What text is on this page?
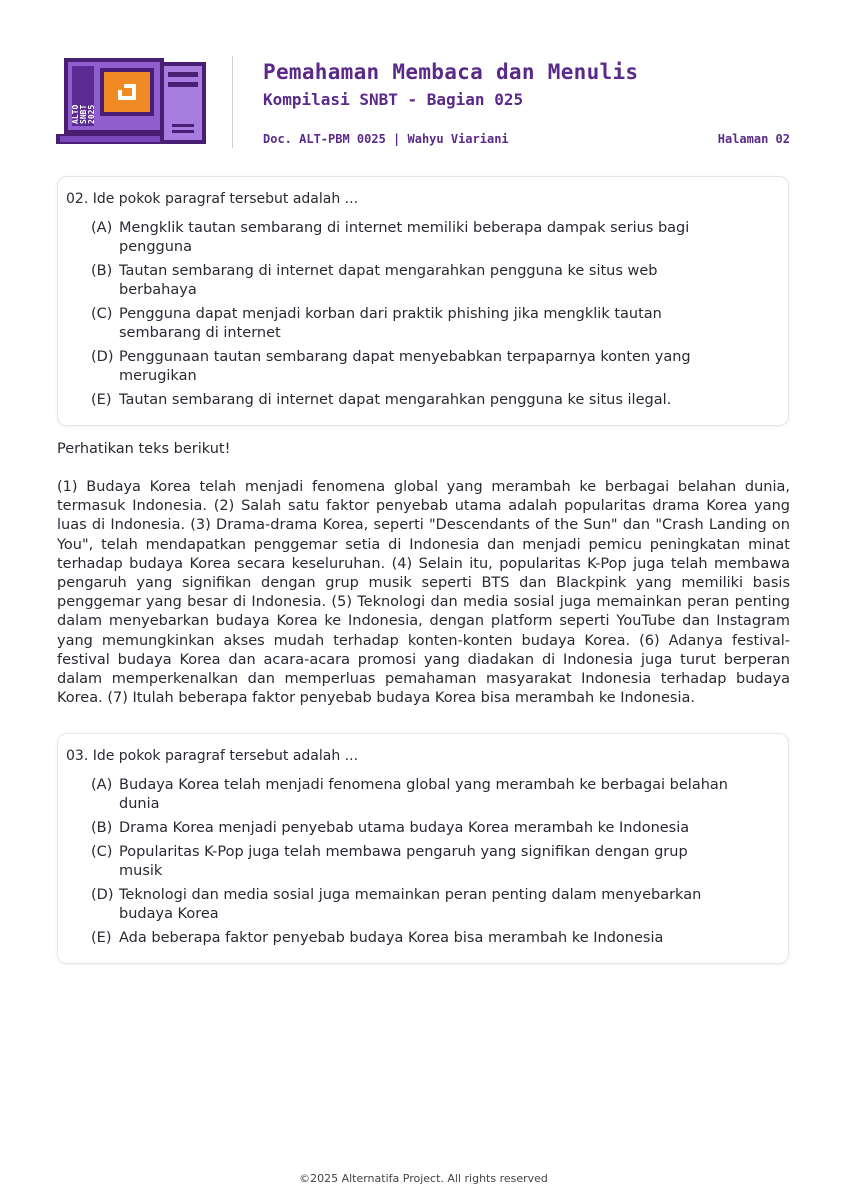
ALTO SNBT 2025
Pemahaman Membaca dan Menulis
Kompilasi SNBT - Bagian 025
Doc. ALT-PBM 0025 | Wahyu Viariani	Halaman 02
02. Ide pokok paragraf tersebut adalah ...
(A) Mengklik tautan sembarang di internet memiliki beberapa dampak serius bagi pengguna
(B) Tautan sembarang di internet dapat mengarahkan pengguna ke situs web berbahaya
(C) Pengguna dapat menjadi korban dari praktik phishing jika mengklik tautan sembarang di internet
(D) Penggunaan tautan sembarang dapat menyebabkan terpaparnya konten yang merugikan
(E) Tautan sembarang di internet dapat mengarahkan pengguna ke situs ilegal.
Perhatikan teks berikut!

(1) Budaya Korea telah menjadi fenomena global yang merambah ke berbagai belahan dunia, termasuk Indonesia. (2) Salah satu faktor penyebab utama adalah popularitas drama Korea yang luas di Indonesia. (3) Drama-drama Korea, seperti "Descendants of the Sun" dan "Crash Landing on You", telah mendapatkan penggemar setia di Indonesia dan menjadi pemicu peningkatan minat terhadap budaya Korea secara keseluruhan. (4) Selain itu, popularitas K-Pop juga telah membawa pengaruh yang signifikan dengan grup musik seperti BTS dan Blackpink yang memiliki basis penggemar yang besar di Indonesia. (5) Teknologi dan media sosial juga memainkan peran penting dalam menyebarkan budaya Korea ke Indonesia, dengan platform seperti YouTube dan Instagram yang memungkinkan akses mudah terhadap konten-konten budaya Korea. (6) Adanya festival-festival budaya Korea dan acara-acara promosi yang diadakan di Indonesia juga turut berperan dalam memperkenalkan dan memperluas pemahaman masyarakat Indonesia terhadap budaya Korea. (7) Itulah beberapa faktor penyebab budaya Korea bisa merambah ke Indonesia.

03. Ide pokok paragraf tersebut adalah ...
(A) Budaya Korea telah menjadi fenomena global yang merambah ke berbagai belahan dunia
(B) Drama Korea menjadi penyebab utama budaya Korea merambah ke Indonesia
(C) Popularitas K-Pop juga telah membawa pengaruh yang signifikan dengan grup musik
(D) Teknologi dan media sosial juga memainkan peran penting dalam menyebarkan budaya Korea
(E) Ada beberapa faktor penyebab budaya Korea bisa merambah ke Indonesia
©2025 Alternatifa Project. All rights reserved
